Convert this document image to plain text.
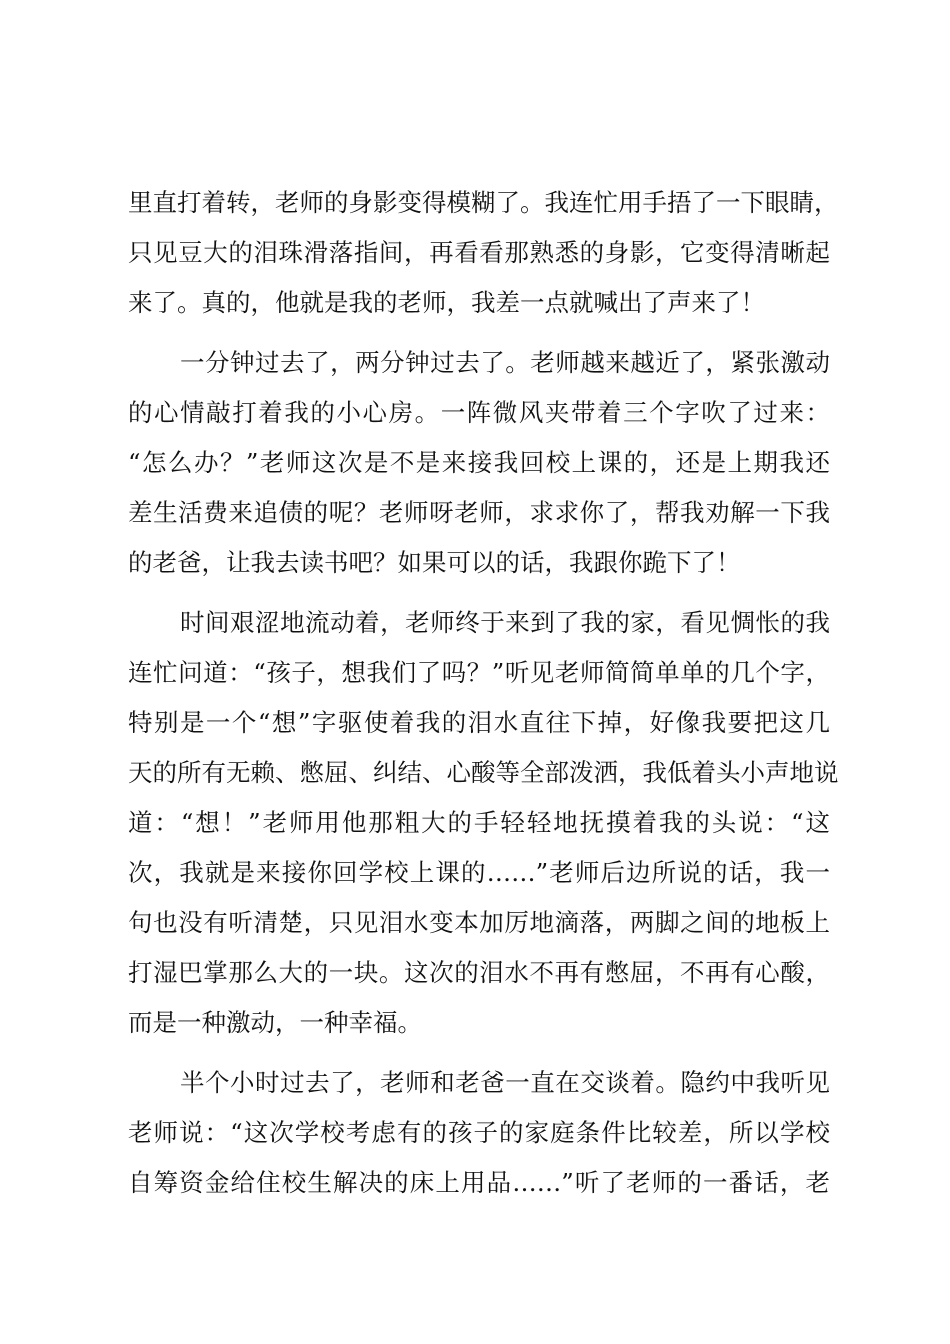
里直打着转，老师的身影变得模糊了。我连忙用手捂了一下眼睛，
只见豆大的泪珠滑落指间，再看看那熟悉的身影，它变得清晰起
来了。真的，他就是我的老师，我差一点就喊出了声来了！
一分钟过去了，两分钟过去了。老师越来越近了，紧张激动
的心情敲打着我的小心房。一阵微风夹带着三个字吹了过来：
“怎么办？”老师这次是不是来接我回校上课的，还是上期我还
差生活费来追债的呢？老师呀老师，求求你了，帮我劝解一下我
的老爸，让我去读书吧？如果可以的话，我跟你跪下了！
时间艰涩地流动着，老师终于来到了我的家，看见惆怅的我
连忙问道：“孩子，想我们了吗？”听见老师简简单单的几个字，
特别是一个“想”字驱使着我的泪水直往下掉，好像我要把这几
天的所有无赖、憋屈、纠结、心酸等全部泼洒，我低着头小声地说
道：“想！”老师用他那粗大的手轻轻地抚摸着我的头说：“这
次，我就是来接你回学校上课的……”老师后边所说的话，我一
句也没有听清楚，只见泪水变本加厉地滴落，两脚之间的地板上
打湿巴掌那么大的一块。这次的泪水不再有憋屈，不再有心酸，
而是一种激动，一种幸福。
半个小时过去了，老师和老爸一直在交谈着。隐约中我听见
老师说：“这次学校考虑有的孩子的家庭条件比较差，所以学校
自筹资金给住校生解决的床上用品……”听了老师的一番话，老
